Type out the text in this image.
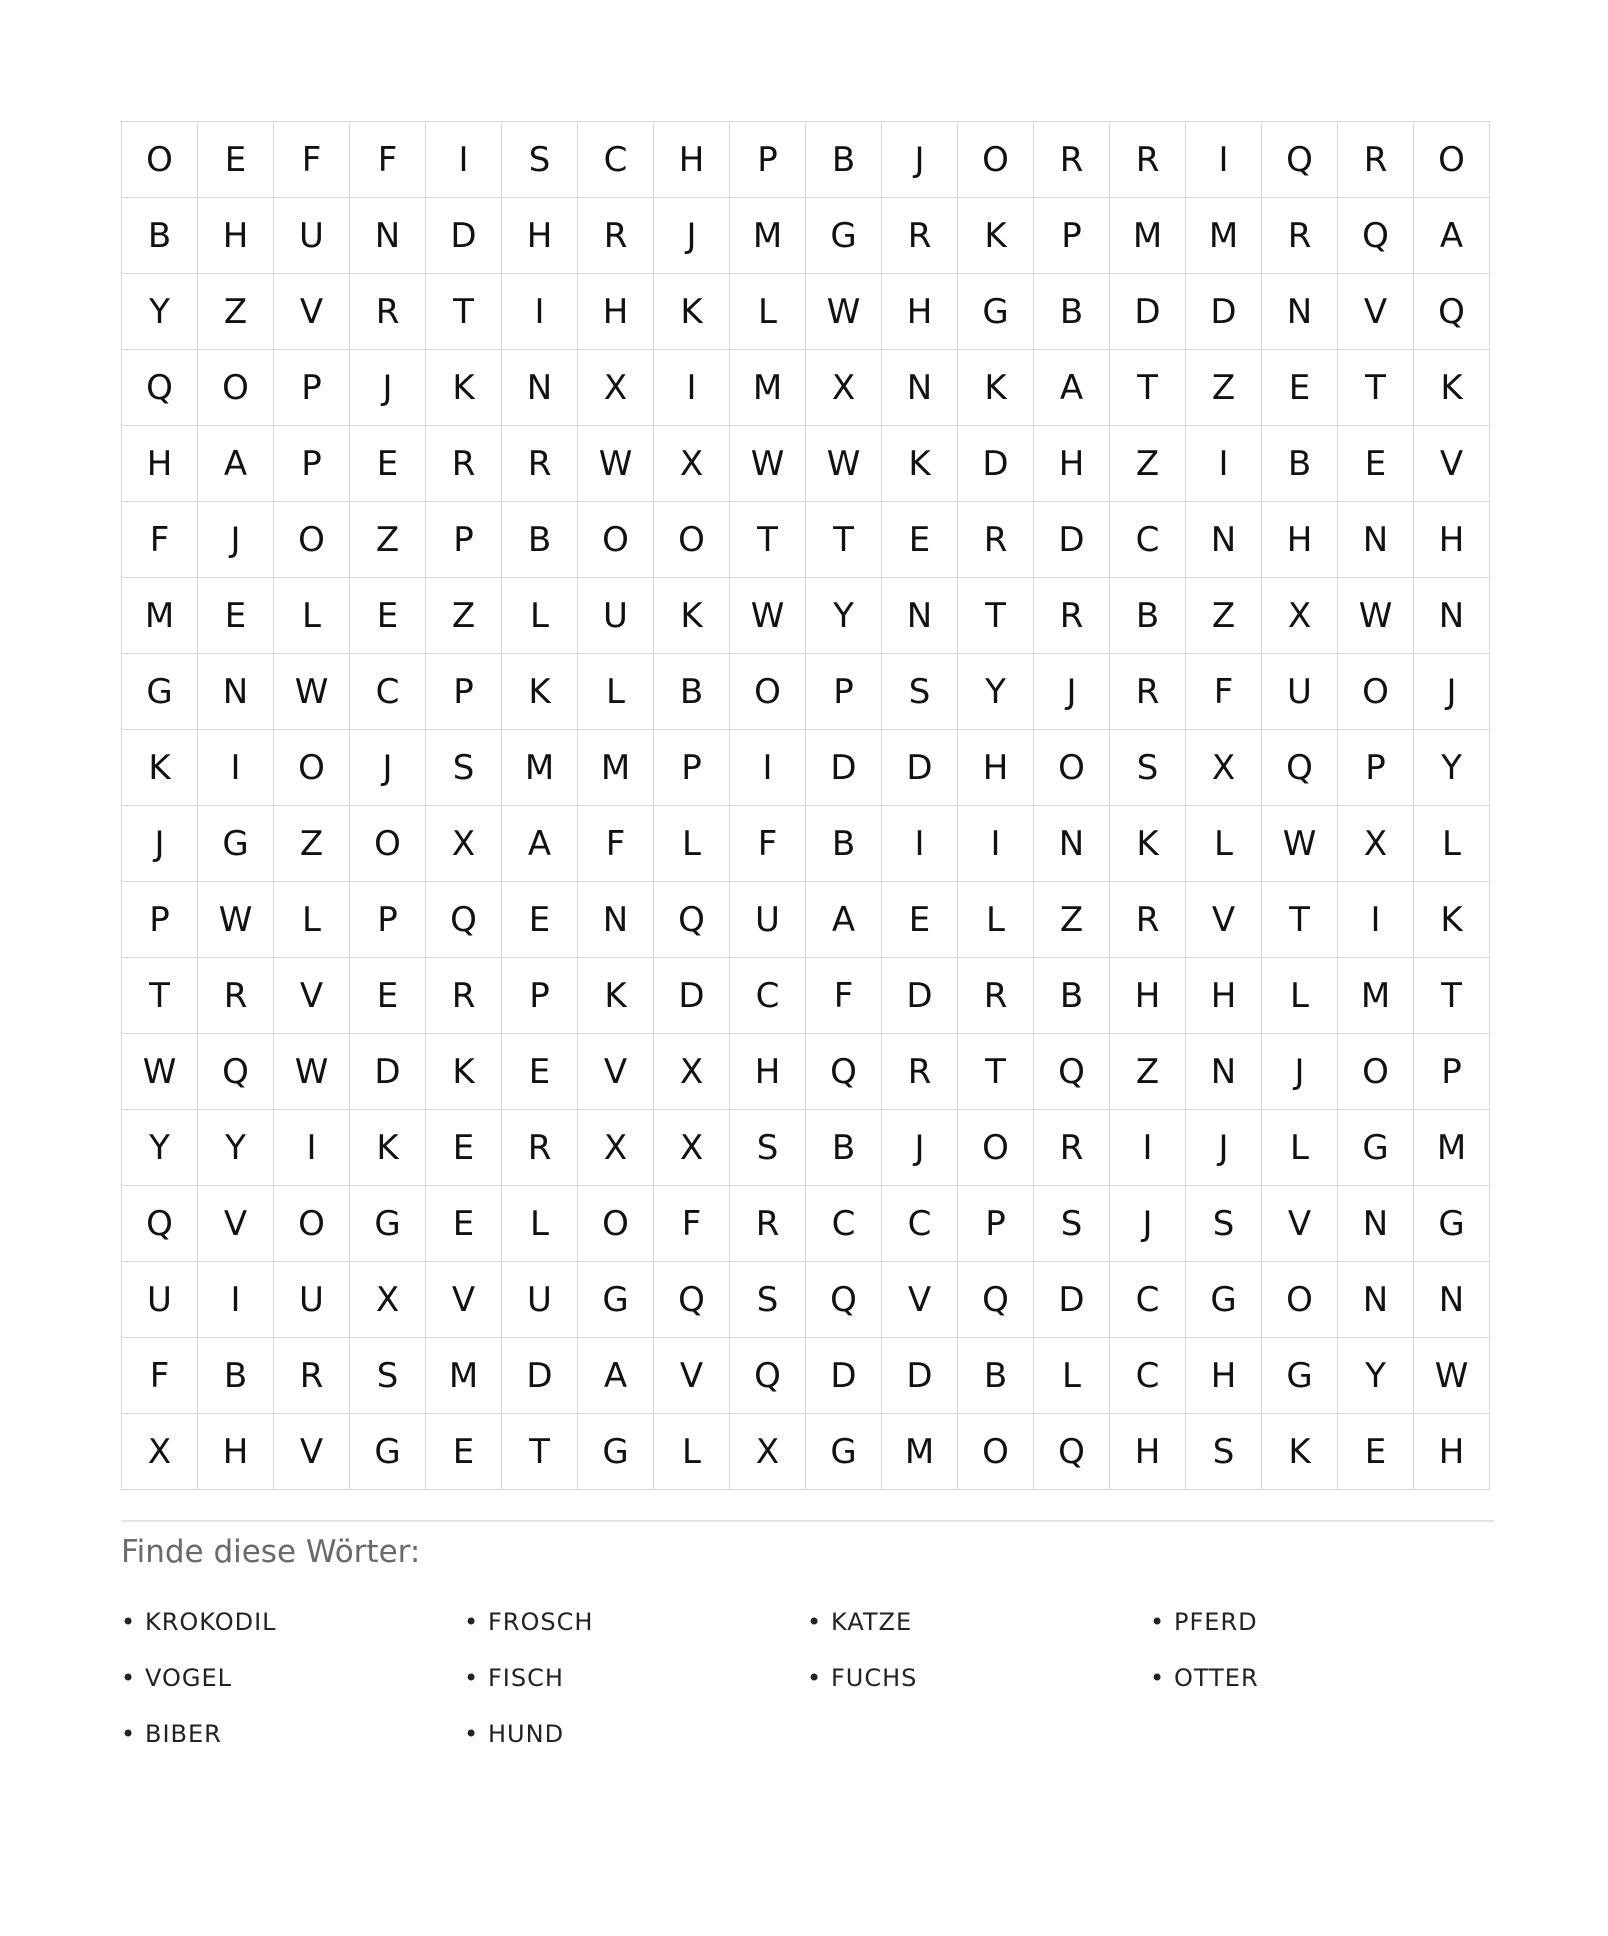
O	E	F	F	I	S	C	H	P	B	J	O	R	R	I	Q	R	O
B	H	U	N	D	H	R	J	M	G	R	K	P	M	M	R	Q	A
Y	Z	V	R	T	I	H	K	L	W	H	G	B	D	D	N	V	Q
Q	O	P	J	K	N	X	I	M	X	N	K	A	T	Z	E	T	K
H	A	P	E	R	R	W	X	W	W	K	D	H	Z	I	B	E	V
F	J	O	Z	P	B	O	O	T	T	E	R	D	C	N	H	N	H
M	E	L	E	Z	L	U	K	W	Y	N	T	R	B	Z	X	W	N
G	N	W	C	P	K	L	B	O	P	S	Y	J	R	F	U	O	J
K	I	O	J	S	M	M	P	I	D	D	H	O	S	X	Q	P	Y
J	G	Z	O	X	A	F	L	F	B	I	I	N	K	L	W	X	L
P	W	L	P	Q	E	N	Q	U	A	E	L	Z	R	V	T	I	K
T	R	V	E	R	P	K	D	C	F	D	R	B	H	H	L	M	T
W	Q	W	D	K	E	V	X	H	Q	R	T	Q	Z	N	J	O	P
Y	Y	I	K	E	R	X	X	S	B	J	O	R	I	J	L	G	M
Q	V	O	G	E	L	O	F	R	C	C	P	S	J	S	V	N	G
U	I	U	X	V	U	G	Q	S	Q	V	Q	D	C	G	O	N	N
F	B	R	S	M	D	A	V	Q	D	D	B	L	C	H	G	Y	W
X	H	V	G	E	T	G	L	X	G	M	O	Q	H	S	K	E	H
Finde diese Wörter:
• KROKODIL	• FROSCH	• KATZE	• PFERD
• VOGEL	• FISCH	• FUCHS	• OTTER
• BIBER	• HUND
